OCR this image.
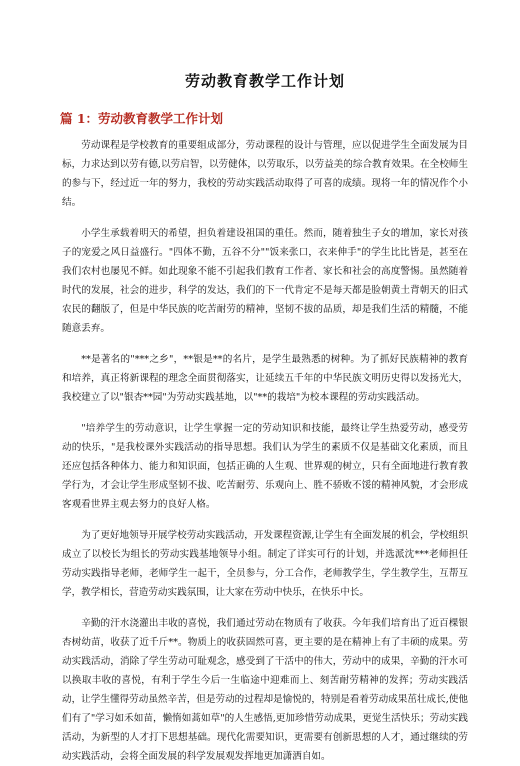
劳动教育教学工作计划
篇 1：劳动教育教学工作计划

劳动课程是学校教育的重要组成部分，劳动课程的设计与管理，应以促进学生全面发展为目标，力求达到以劳有德,以劳启智，以劳健体，以劳取乐，以劳益美的综合教育效果。在全校师生的参与下，经过近一年的努力，我校的劳动实践活动取得了可喜的成绩。现将一年的情况作个小结。

小学生承载着明天的希望，担负着建设祖国的重任。然而，随着独生子女的增加，家长对孩子的宠爱之风日益盛行。"四体不勤，五谷不分""饭来张口，衣来伸手"的学生比比皆是，甚至在我们农村也屡见不鲜。如此现象不能不引起我们教育工作者、家长和社会的高度警惕。虽然随着时代的发展，社会的进步，科学的发达，我们的下一代肯定不是每天都是脸朝黄土背朝天的旧式农民的翻版了，但是中华民族的吃苦耐劳的精神，坚韧不拔的品质，却是我们生活的精髓，不能随意丢弃。

**是著名的"***之乡"，**银是**的名片，是学生最熟悉的树种。为了抓好民族精神的教育和培养，真正将新课程的理念全面贯彻落实，让延续五千年的中华民族文明历史得以发扬光大，我校建立了以"银杏**园"为劳动实践基地，以"**的栽培"为校本课程的劳动实践活动。

"培养学生的劳动意识，让学生掌握一定的劳动知识和技能，最终让学生热爱劳动，感受劳动的快乐，"是我校课外实践活动的指导思想。我们认为学生的素质不仅是基础文化素质，而且还应包括各种体力、能力和知识面，包括正确的人生观、世界观的树立，只有全面地进行教育教学行为，才会让学生形成坚韧不拔、吃苦耐劳、乐观向上、胜不骄败不馁的精神风貌，才会形成客观看世界主观去努力的良好人格。

为了更好地领导开展学校劳动实践活动，开发课程资源,让学生有全面发展的机会，学校组织成立了以校长为组长的劳动实践基地领导小组。制定了详实可行的计划，并选派沈***老师担任劳动实践指导老师，老师学生一起干，全员参与，分工合作，老师教学生，学生教学生，互帮互学，教学相长，营造劳动实践氛围，让大家在劳动中快乐，在快乐中长。

辛勤的汗水浇灌出丰收的喜悦，我们通过劳动在物质有了收获。今年我们培育出了近百棵银杏树幼苗，收获了近千斤**。物质上的收获固然可喜，更主要的是在精神上有了丰硕的成果。劳动实践活动，消除了学生劳动可耻观念，感受到了干活中的伟大，劳动中的成果，辛勤的汗水可以换取丰收的喜悦，有利于学生今后一生临途中迎难而上、刻苦耐劳精神的发挥；劳动实践活动，让学生懂得劳动虽然辛苦，但是劳动的过程却是愉悦的，特别是看着劳动成果茁壮成长,使他们有了"学习如禾如苗，懒惰如蒿如草"的人生感悟,更加珍惜劳动成果，更觉生活快乐；劳动实践活动，为新型的人才打下思想基础。现代化需要知识，更需要有创新思想的人才，通过继续的劳动实践活动，会将全面发展的科学发展观发挥地更加潇洒自如。
